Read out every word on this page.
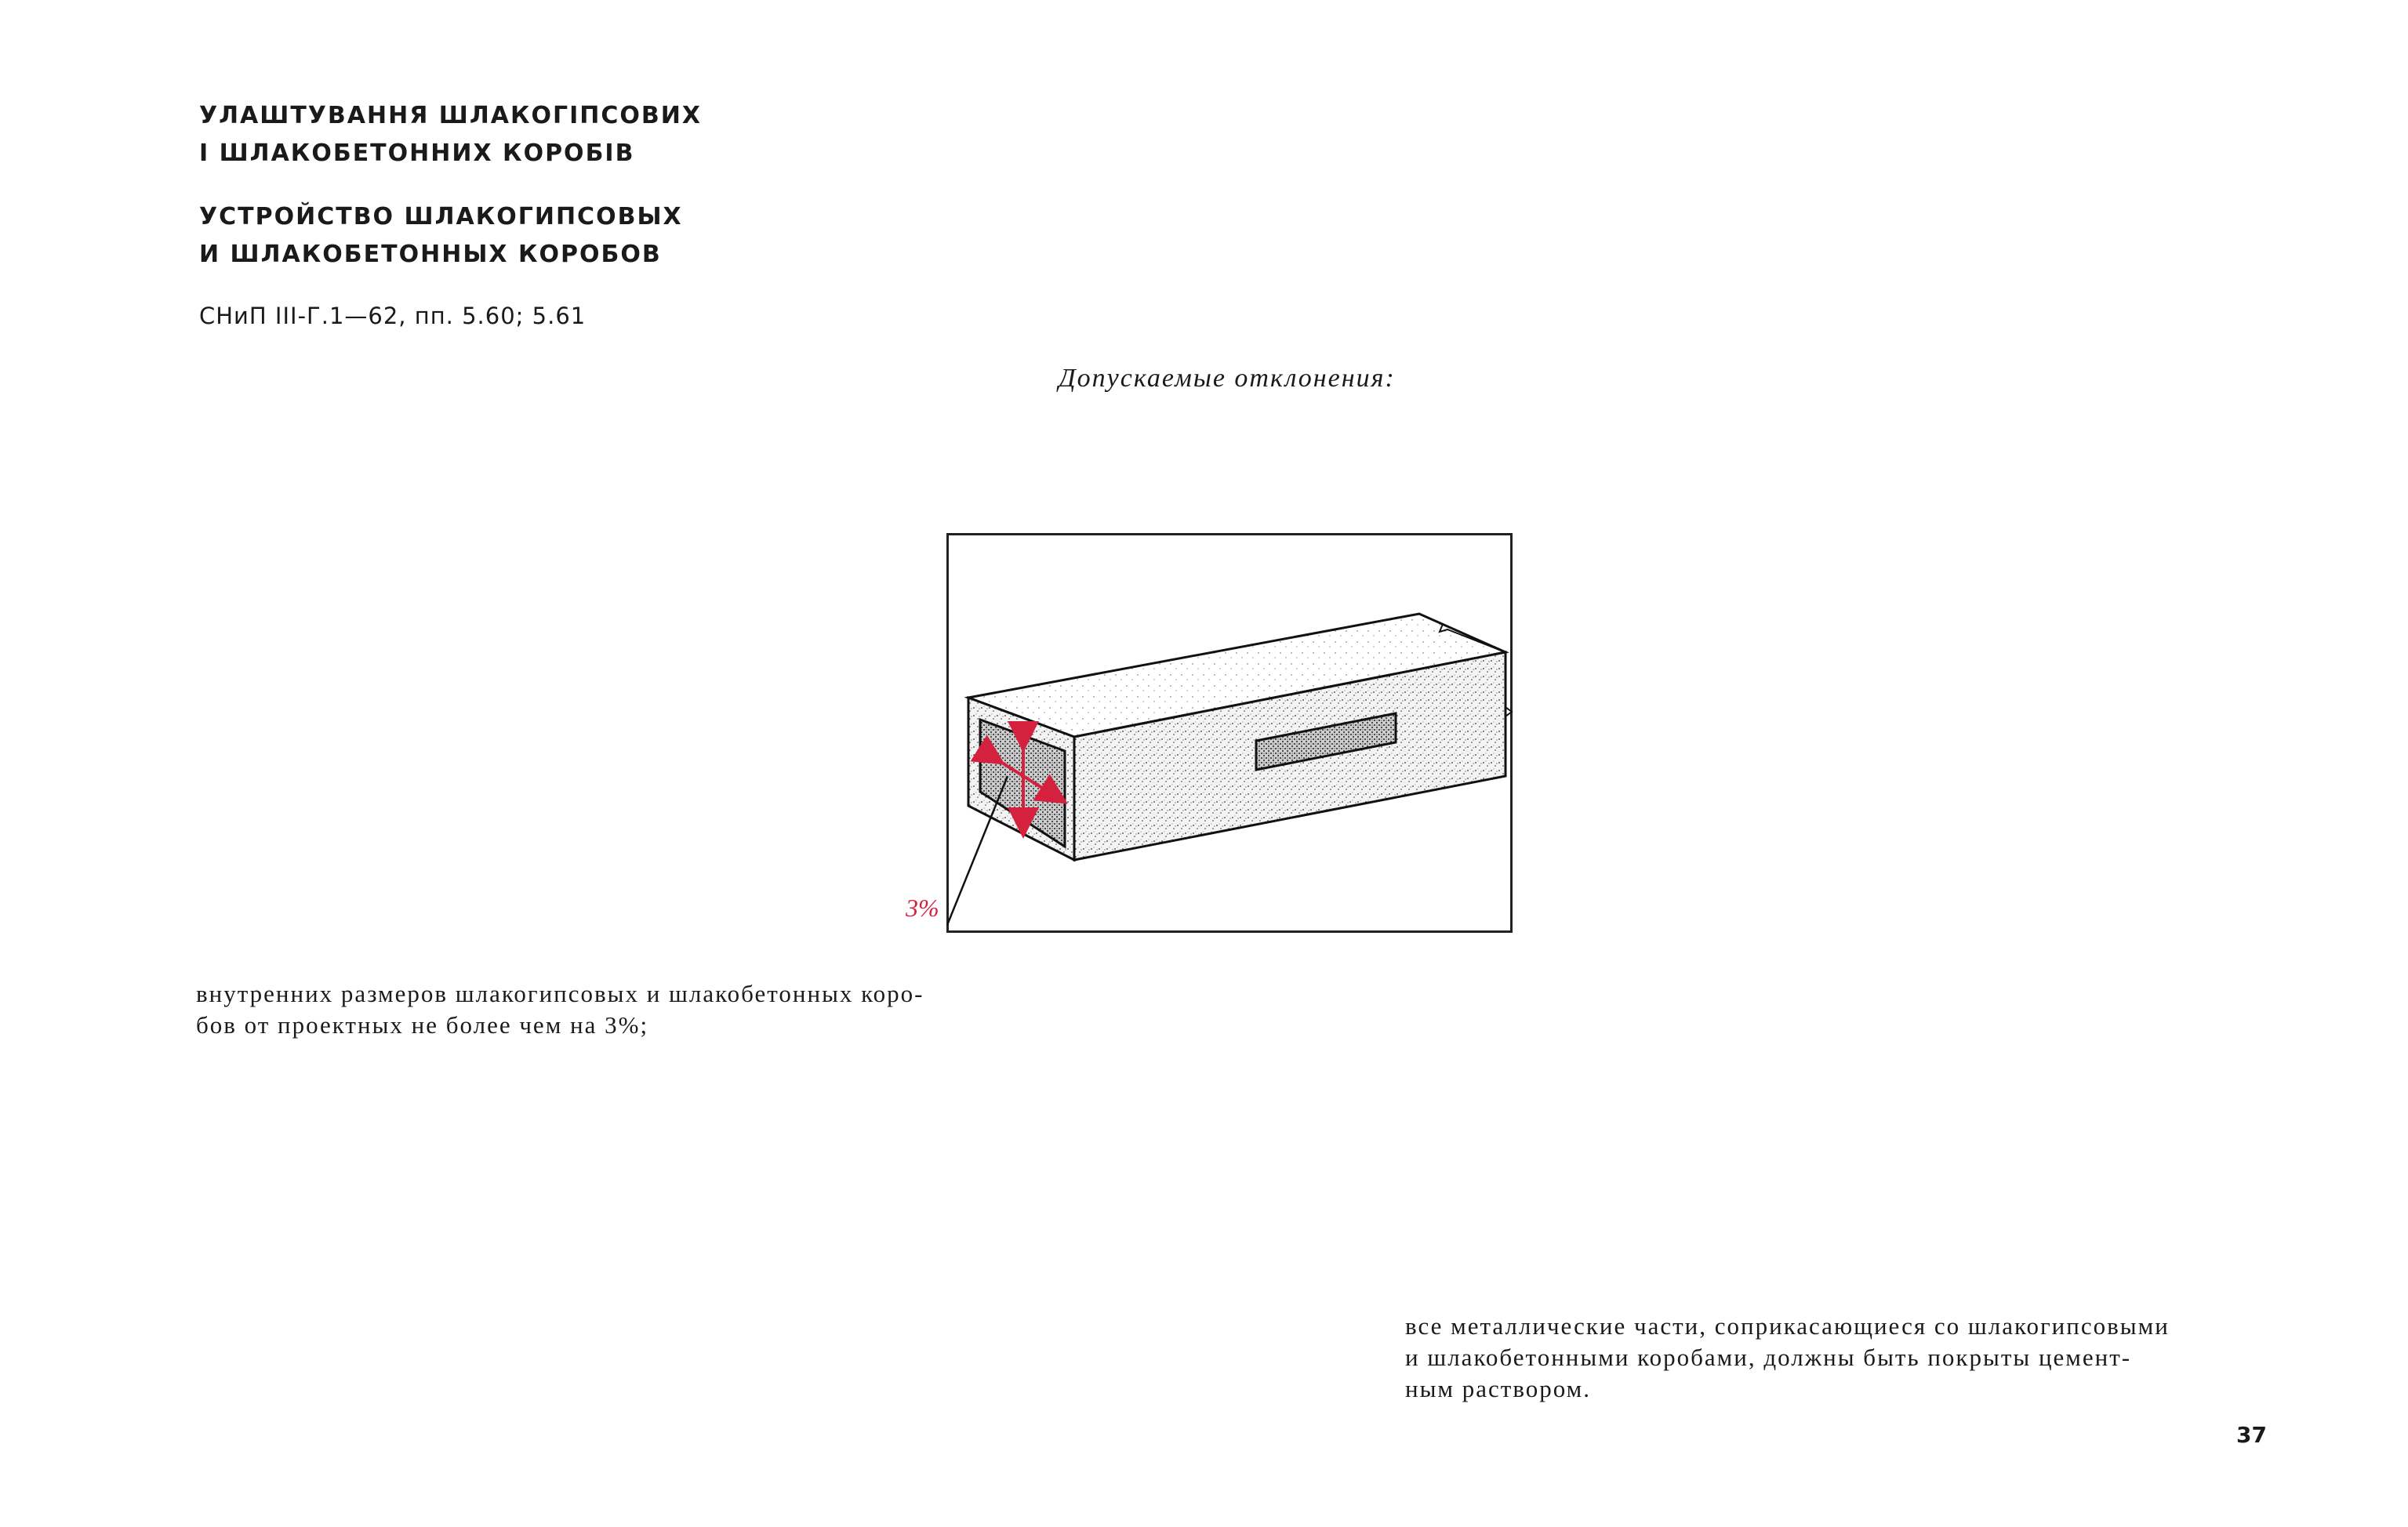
УЛАШТУВАННЯ ШЛАКОГІПСОВИХ
І ШЛАКОБЕТОННИХ КОРОБІВ
УСТРОЙСТВО ШЛАКОГИПСОВЫХ
И ШЛАКОБЕТОННЫХ КОРОБОВ
СНиП III-Г.1—62, пп. 5.60; 5.61
Допускаемые отклонения:
3%

внутренних размеров шлакогипсовых и шлакобетонных коро-
бов от проектных не более чем на 3%;

все металлические части, соприкасающиеся со шлакогипсовыми
и шлакобетонными коробами, должны быть покрыты цемент-
ным раствором.

37
